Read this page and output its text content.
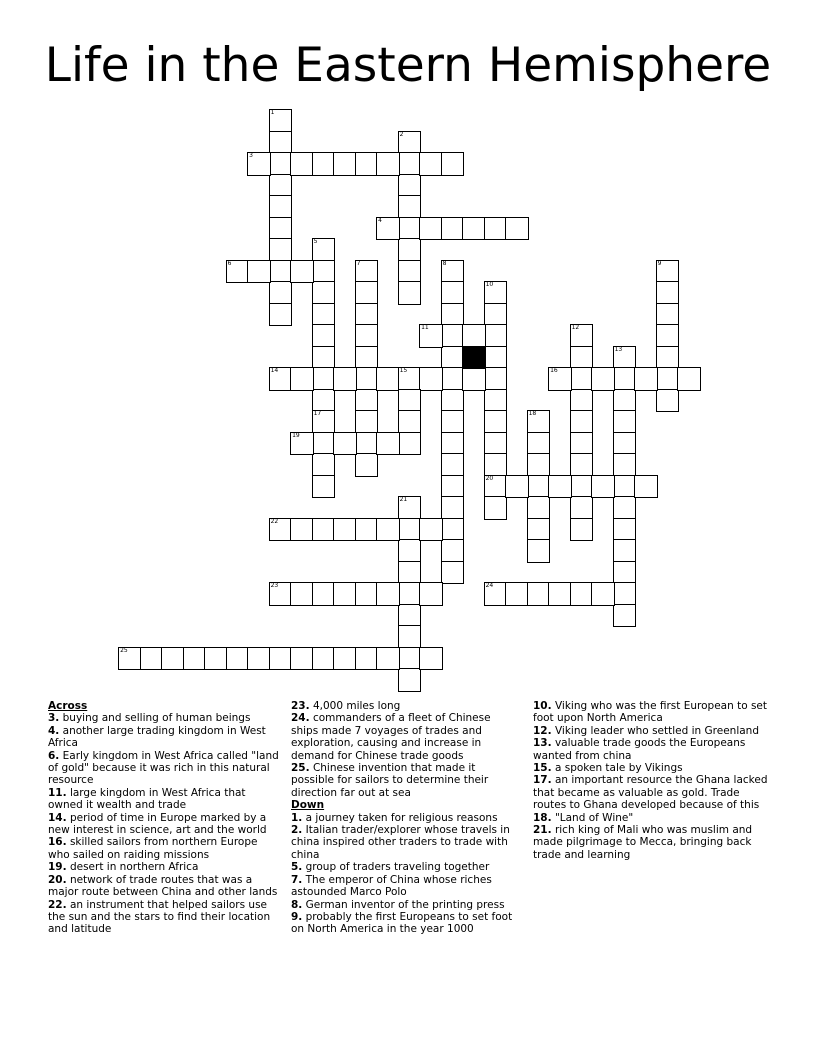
Life in the Eastern Hemisphere
1
2
3
4
5
17
6	7	8	9
10
20
11	12
13
14	15	16
18
19
21
22
23	24
25
Across
3. buying and selling of human beings
4. another large trading kingdom in West Africa
6. Early kingdom in West Africa called "land of gold" because it was rich in this natural resource
11. large kingdom in West Africa that owned it wealth and trade
14. period of time in Europe marked by a new interest in science, art and the world
16. skilled sailors from northern Europe who sailed on raiding missions
19. desert in northern Africa
20. network of trade routes that was a major route between China and other lands
22. an instrument that helped sailors use the sun and the stars to find their location and latitude
23. 4,000 miles long
24. commanders of a fleet of Chinese ships made 7 voyages of trades and exploration, causing and increase in demand for Chinese trade goods
25. Chinese invention that made it possible for sailors to determine their direction far out at sea
Down
1. a journey taken for religious reasons
2. Italian trader/explorer whose travels in china inspired other traders to trade with china
5. group of traders traveling together
7. The emperor of China whose riches astounded Marco Polo
8. German inventor of the printing press
9. probably the first Europeans to set foot on North America in the year 1000
10. Viking who was the first European to set foot upon North America
12. Viking leader who settled in Greenland
13. valuable trade goods the Europeans wanted from china
15. a spoken tale by Vikings
17. an important resource the Ghana lacked that became as valuable as gold. Trade routes to Ghana developed because of this
18. "Land of Wine"
21. rich king of Mali who was muslim and made pilgrimage to Mecca, bringing back trade and learning
